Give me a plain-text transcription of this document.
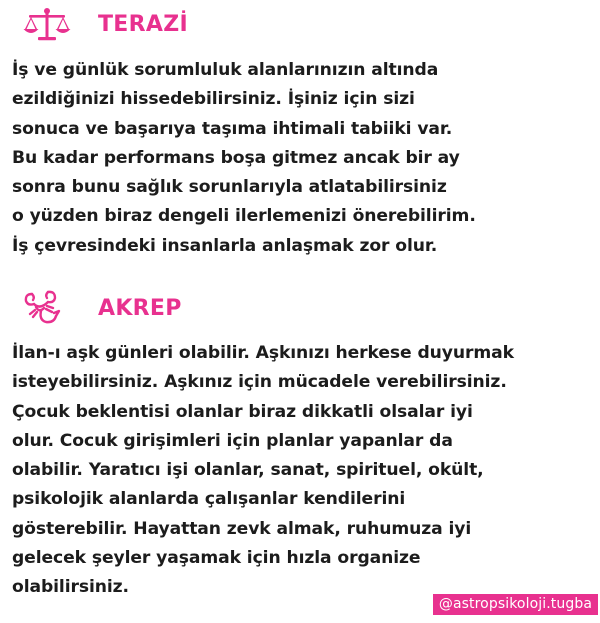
TERAZİ
İş ve günlük sorumluluk alanlarınızın altında
ezildiğinizi hissedebilirsiniz. İşiniz için sizi
sonuca ve başarıya taşıma ihtimali tabiiki var.
Bu kadar performans boşa gitmez ancak bir ay
sonra bunu sağlık sorunlarıyla atlatabilirsiniz
o yüzden biraz dengeli ilerlemenizi önerebilirim.
İş çevresindeki insanlarla anlaşmak zor olur.
AKREP
İlan-ı aşk günleri olabilir. Aşkınızı herkese duyurmak
isteyebilirsiniz. Aşkınız için mücadele verebilirsiniz.
Çocuk beklentisi olanlar biraz dikkatli olsalar iyi
olur. Cocuk girişimleri için planlar yapanlar da
olabilir. Yaratıcı işi olanlar, sanat, spirituel, okült,
psikolojik alanlarda çalışanlar kendilerini
gösterebilir. Hayattan zevk almak, ruhumuza iyi
gelecek şeyler yaşamak için hızla organize
olabilirsiniz.
@astropsikoloji.tugba
